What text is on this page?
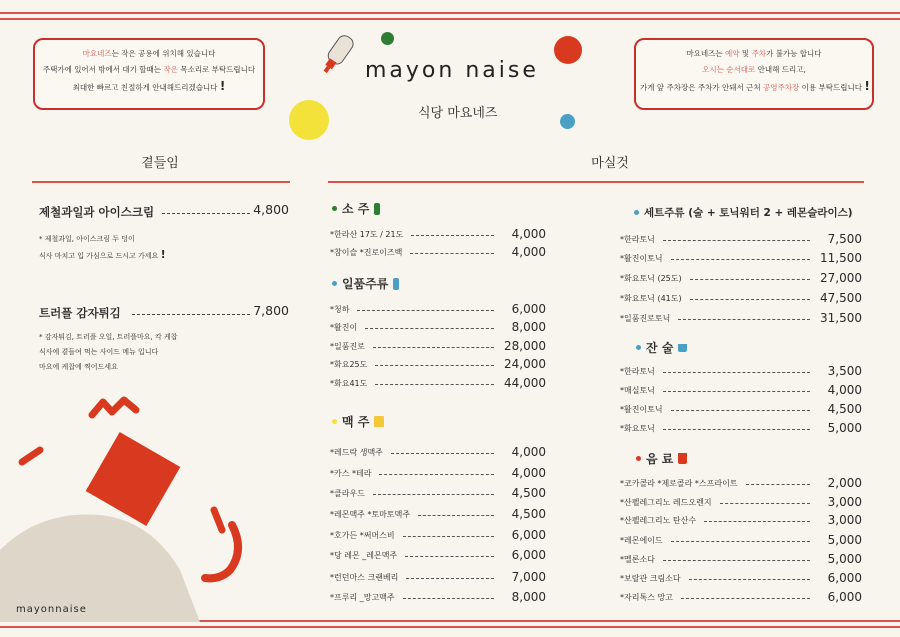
마요네즈는 작은 공용에 위치해 있습니다
주택가에 있어서 밖에서 대기 할때는 작은 목소리로 부탁드립니다
최대한 빠르고 친절하게 안내해드리겠습니다 !
마요네즈는 예약 및 주차가 불가능 합니다
오시는 순서대로 안내해 드리고,
가게 앞 주차장은 주차가 안돼서 근처 공영주차장 이용 부탁드립니다 !
mayon naise
식당 마요네즈
곁들임
제철과일과 아이스크림	4,800
* 제철과일, 아이스크림 두 덩이
식사 마치고 입 가심으로 드시고 가세요 !
트러플 감자튀김	7,800
* 감자튀김, 트러플 오일, 트러플마요, 칵 케찹
식사에 곁들여 먹는 사이드 메뉴 입니다
마요에 케찹에 찍어드세요
mayonnaise
마실것
소 주
*한라산 17도 / 21도	4,000
*참이슬 *진로이즈백	4,000
일품주류
*청하	6,000
*활진이	8,000
*일품진로	28,000
*화요25도	24,000
*화요41도	44,000
맥 주
*레드락 생맥주	4,000
*카스 *테라	4,000
*클라우드	4,500
*레몬맥주 *토마토맥주	4,500
*호가든 *써머스비	6,000
*당 레몬 _레몬맥주	6,000
*런던마스 크랜베리	7,000
*프루리 _망고맥주	8,000
세트주류 (술 + 토닉워터 2 + 레몬슬라이스)
*한라토닉	7,500
*활진이토닉	11,500
*화요토닉 (25도)	27,000
*화요토닉 (41도)	47,500
*일품진로토닉	31,500
잔 술
*한라토닉	3,500
*매실토닉	4,000
*활진이토닉	4,500
*화요토닉	5,000
음 료
*코카콜라 *제로콜라 *스프라이트	2,000
*산펠레그리노 레드오렌지	3,000
*산펠레그리노 탄산수	3,000
*레몬에이드	5,000
*멜론소다	5,000
*보랄관 크림소다	6,000
*자리톡스 망고	6,000
